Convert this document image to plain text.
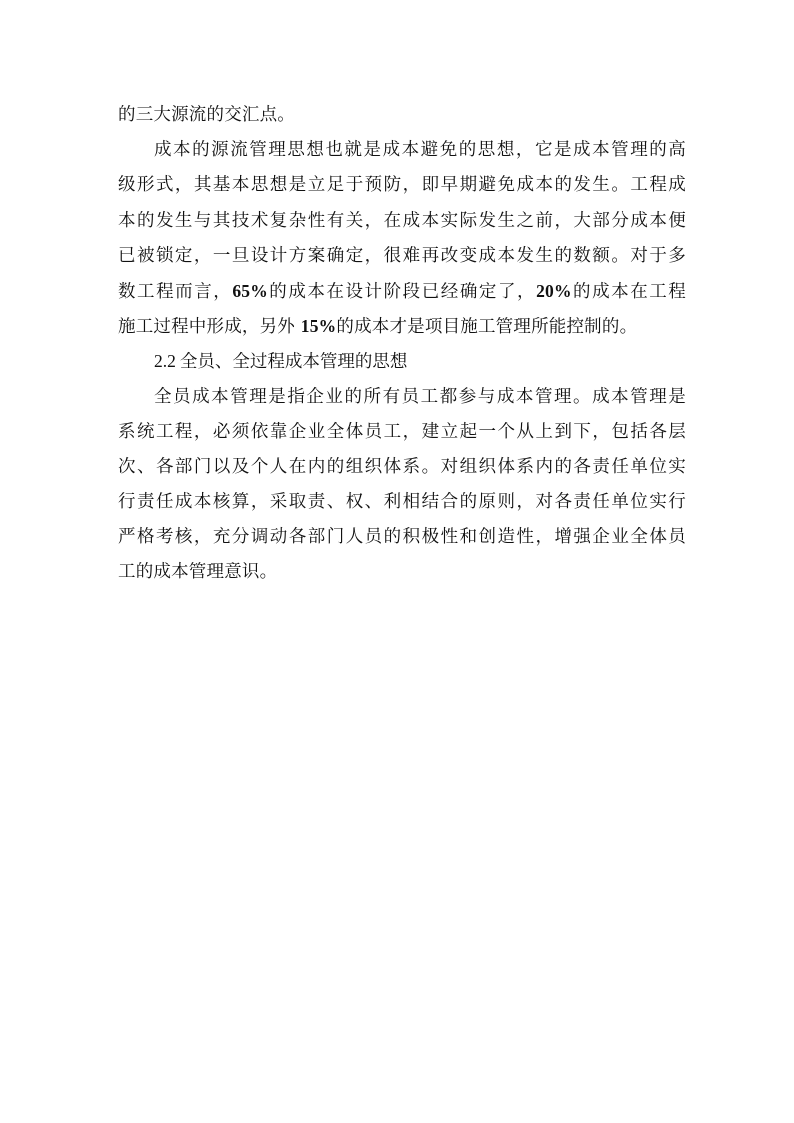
的三大源流的交汇点。
成本的源流管理思想也就是成本避免的思想，它是成本管理的高
级形式，其基本思想是立足于预防，即早期避免成本的发生。工程成
本的发生与其技术复杂性有关，在成本实际发生之前，大部分成本便
已被锁定，一旦设计方案确定，很难再改变成本发生的数额。对于多
数工程而言，65%的成本在设计阶段已经确定了，20%的成本在工程
施工过程中形成，另外 15%的成本才是项目施工管理所能控制的。
2.2 全员、全过程成本管理的思想
全员成本管理是指企业的所有员工都参与成本管理。成本管理是
系统工程，必须依靠企业全体员工，建立起一个从上到下，包括各层
次、各部门以及个人在内的组织体系。对组织体系内的各责任单位实
行责任成本核算，采取责、权、利相结合的原则，对各责任单位实行
严格考核，充分调动各部门人员的积极性和创造性，增强企业全体员
工的成本管理意识。
